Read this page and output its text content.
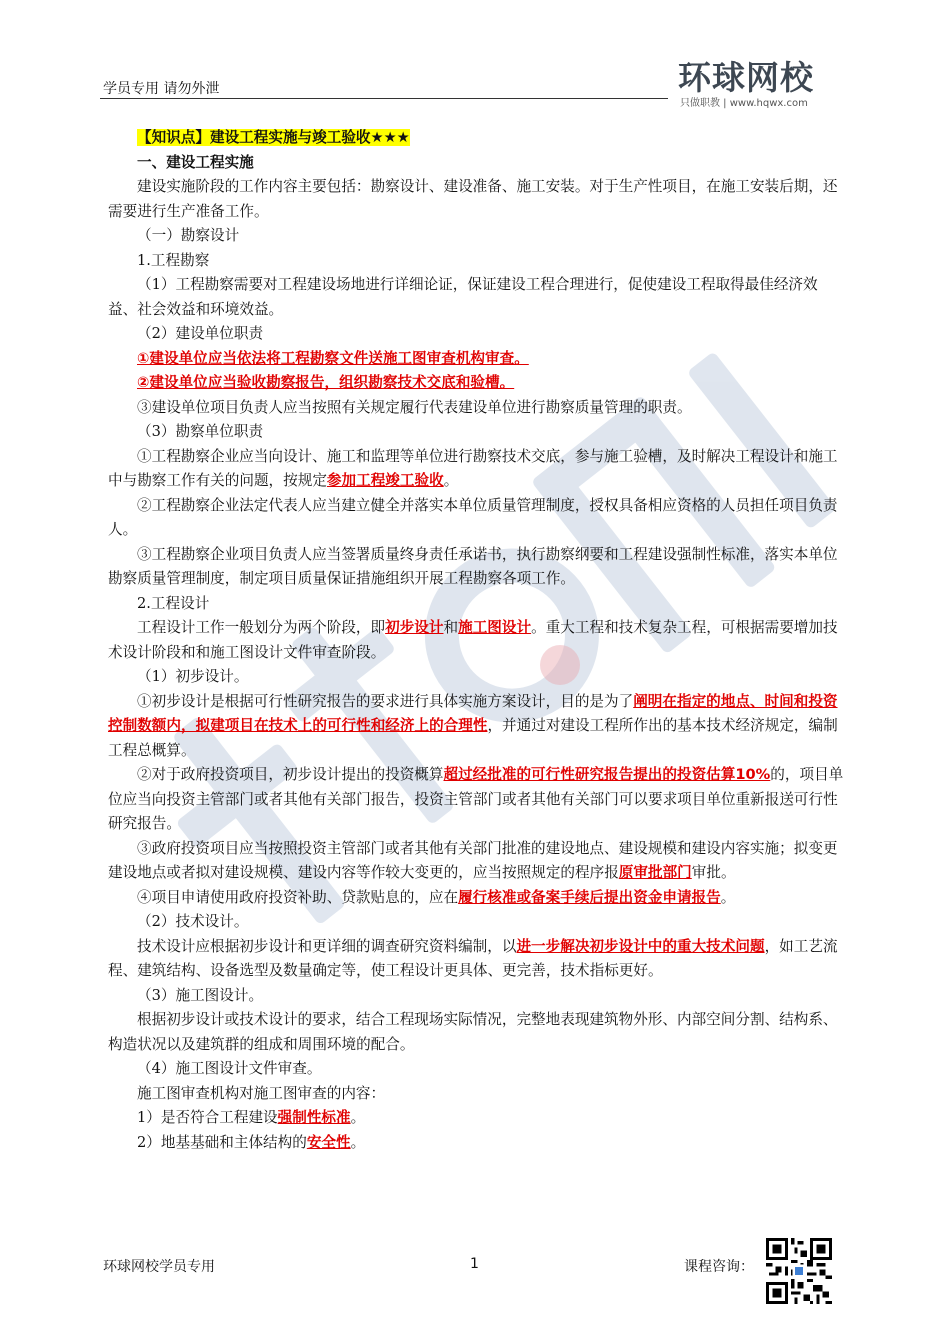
学员专用 请勿外泄	环球网校
只做职教 | www.hqwx.com

【知识点】建设工程实施与竣工验收★★★

一、建设工程实施

建设实施阶段的工作内容主要包括：勘察设计、建设准备、施工安装。对于生产性项目，在施工安装后期，还需要进行生产准备工作。

（一）勘察设计

1.工程勘察

（1）工程勘察需要对工程建设场地进行详细论证，保证建设工程合理进行，促使建设工程取得最佳经济效益、社会效益和环境效益。

（2）建设单位职责

①建设单位应当依法将工程勘察文件送施工图审查机构审查。

②建设单位应当验收勘察报告，组织勘察技术交底和验槽。

③建设单位项目负责人应当按照有关规定履行代表建设单位进行勘察质量管理的职责。

（3）勘察单位职责

①工程勘察企业应当向设计、施工和监理等单位进行勘察技术交底，参与施工验槽，及时解决工程设计和施工中与勘察工作有关的问题，按规定参加工程竣工验收。

②工程勘察企业法定代表人应当建立健全并落实本单位质量管理制度，授权具备相应资格的人员担任项目负责人。

③工程勘察企业项目负责人应当签署质量终身责任承诺书，执行勘察纲要和工程建设强制性标准，落实本单位勘察质量管理制度，制定项目质量保证措施组织开展工程勘察各项工作。

2.工程设计

工程设计工作一般划分为两个阶段，即初步设计和施工图设计。重大工程和技术复杂工程，可根据需要增加技术设计阶段和和施工图设计文件审查阶段。

（1）初步设计。

①初步设计是根据可行性研究报告的要求进行具体实施方案设计，目的是为了阐明在指定的地点、时间和投资控制数额内，拟建项目在技术上的可行性和经济上的合理性，并通过对建设工程所作出的基本技术经济规定，编制工程总概算。

②对于政府投资项目，初步设计提出的投资概算超过经批准的可行性研究报告提出的投资估算10%的，项目单位应当向投资主管部门或者其他有关部门报告，投资主管部门或者其他有关部门可以要求项目单位重新报送可行性研究报告。

③政府投资项目应当按照投资主管部门或者其他有关部门批准的建设地点、建设规模和建设内容实施；拟变更建设地点或者拟对建设规模、建设内容等作较大变更的，应当按照规定的程序报原审批部门审批。

④项目申请使用政府投资补助、贷款贴息的，应在履行核准或备案手续后提出资金申请报告。

（2）技术设计。

技术设计应根据初步设计和更详细的调查研究资料编制，以进一步解决初步设计中的重大技术问题，如工艺流程、建筑结构、设备选型及数量确定等，使工程设计更具体、更完善，技术指标更好。

（3）施工图设计。

根据初步设计或技术设计的要求，结合工程现场实际情况，完整地表现建筑物外形、内部空间分割、结构系、构造状况以及建筑群的组成和周围环境的配合。

（4）施工图设计文件审查。

施工图审查机构对施工图审查的内容：

1）是否符合工程建设强制性标准。

2）地基基础和主体结构的安全性。

环球网校学员专用	1	课程咨询：
